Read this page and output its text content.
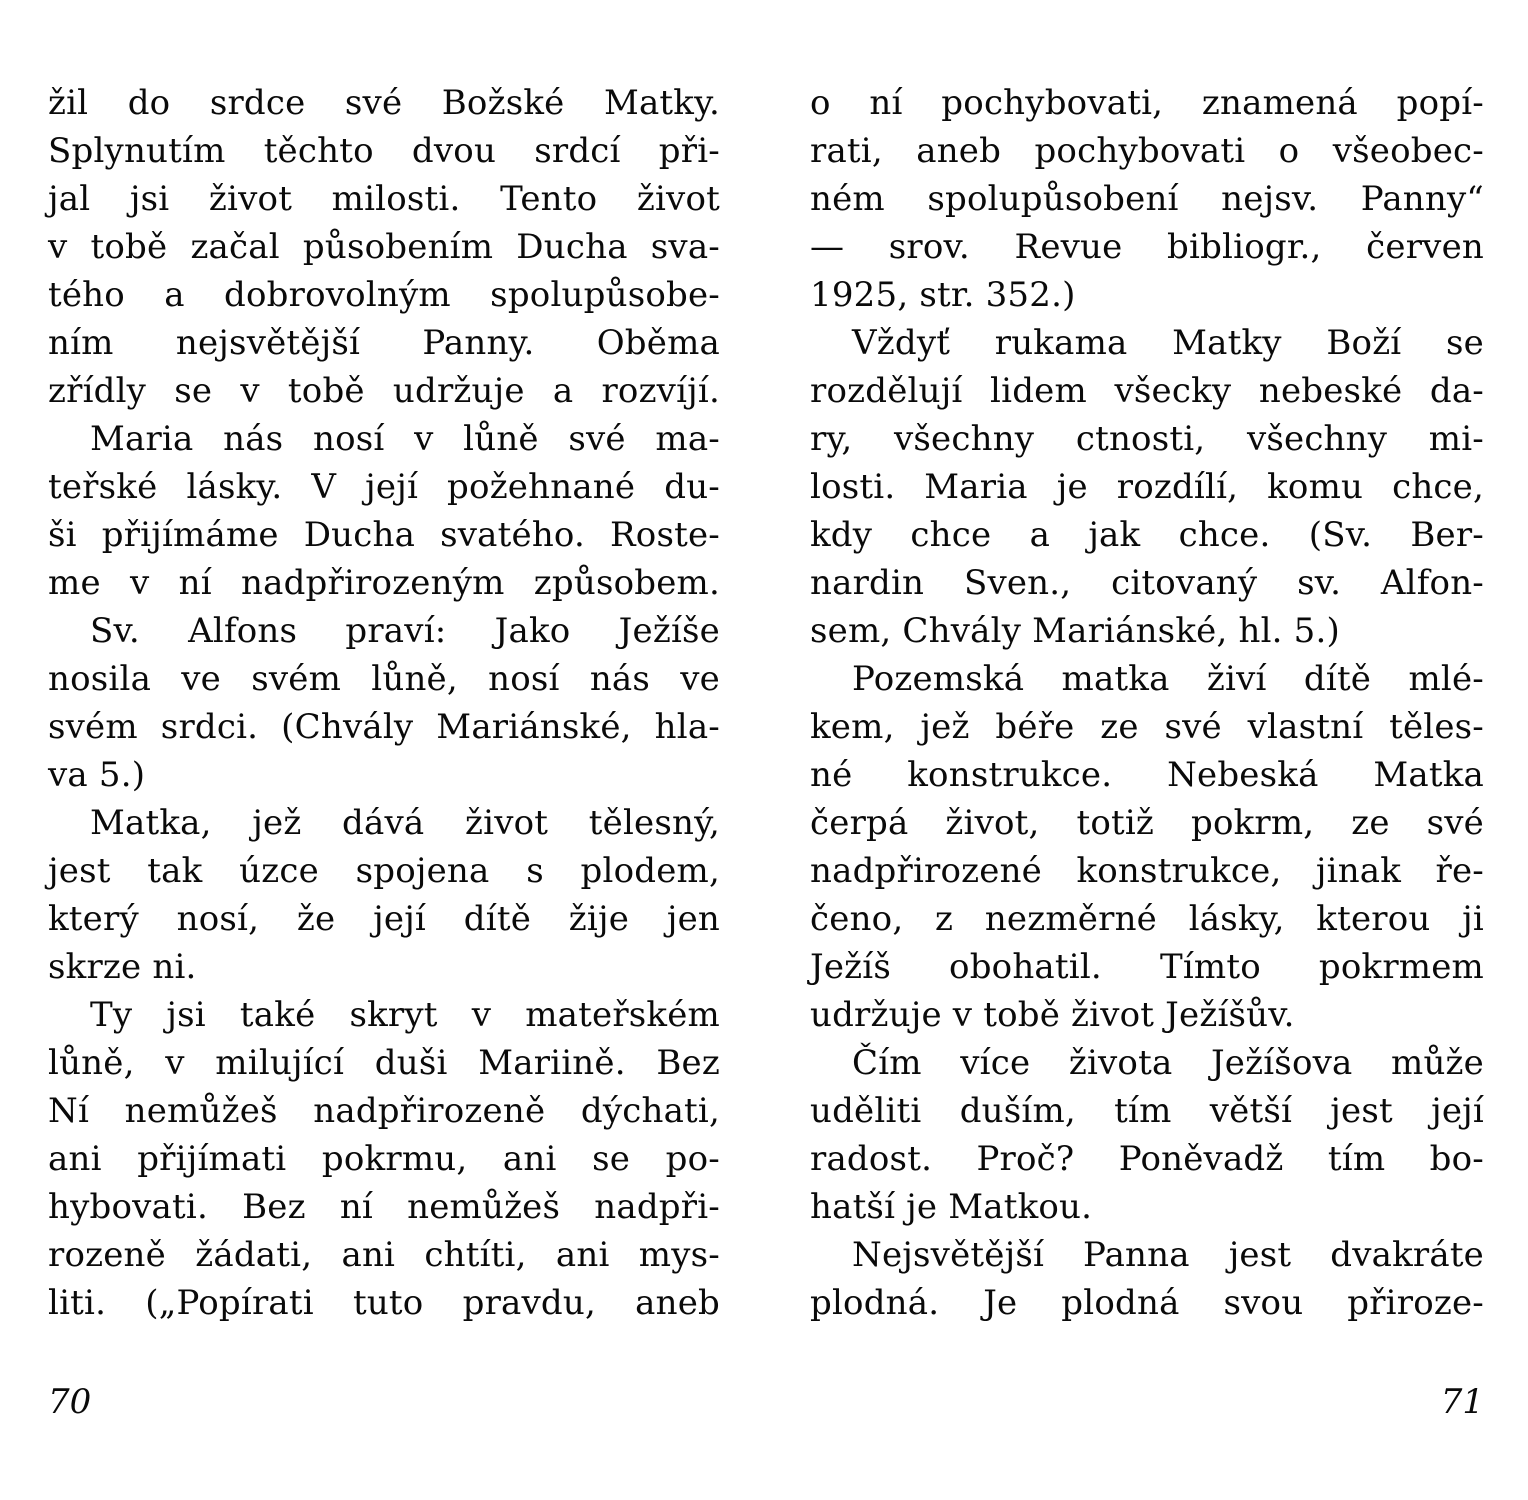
žil do srdce své Božské Matky.
Splynutím těchto dvou srdcí při-
jal jsi život milosti. Tento život
v tobě začal působením Ducha sva-
tého a dobrovolným spolupůsobe-
ním nejsvětější Panny. Oběma
zřídly se v tobě udržuje a rozvíjí.
Maria nás nosí v lůně své ma-
teřské lásky. V její požehnané du-
ši přijímáme Ducha svatého. Roste-
me v ní nadpřirozeným způsobem.
Sv. Alfons praví: Jako Ježíše
nosila ve svém lůně, nosí nás ve
svém srdci. (Chvály Mariánské, hla-
va 5.)
Matka, jež dává život tělesný,
jest tak úzce spojena s plodem,
který nosí, že její dítě žije jen
skrze ni.
Ty jsi také skryt v mateřském
lůně, v milující duši Mariině. Bez
Ní nemůžeš nadpřirozeně dýchati,
ani přijímati pokrmu, ani se po-
hybovati. Bez ní nemůžeš nadpři-
rozeně žádati, ani chtíti, ani mys-
liti. („Popírati tuto pravdu, aneb
70
o ní pochybovati, znamená popí-
rati, aneb pochybovati o všeobec-
ném spolupůsobení nejsv. Panny“
— srov. Revue bibliogr., červen
1925, str. 352.)
Vždyť rukama Matky Boží se
rozdělují lidem všecky nebeské da-
ry, všechny ctnosti, všechny mi-
losti. Maria je rozdílí, komu chce,
kdy chce a jak chce. (Sv. Ber-
nardin Sven., citovaný sv. Alfon-
sem, Chvály Mariánské, hl. 5.)
Pozemská matka živí dítě mlé-
kem, jež béře ze své vlastní těles-
né konstrukce. Nebeská Matka
čerpá život, totiž pokrm, ze své
nadpřirozené konstrukce, jinak ře-
čeno, z nezměrné lásky, kterou ji
Ježíš obohatil. Tímto pokrmem
udržuje v tobě život Ježíšův.
Čím více života Ježíšova může
uděliti duším, tím větší jest její
radost. Proč? Poněvadž tím bo-
hatší je Matkou.
Nejsvětější Panna jest dvakráte
plodná. Je plodná svou přiroze-
71
